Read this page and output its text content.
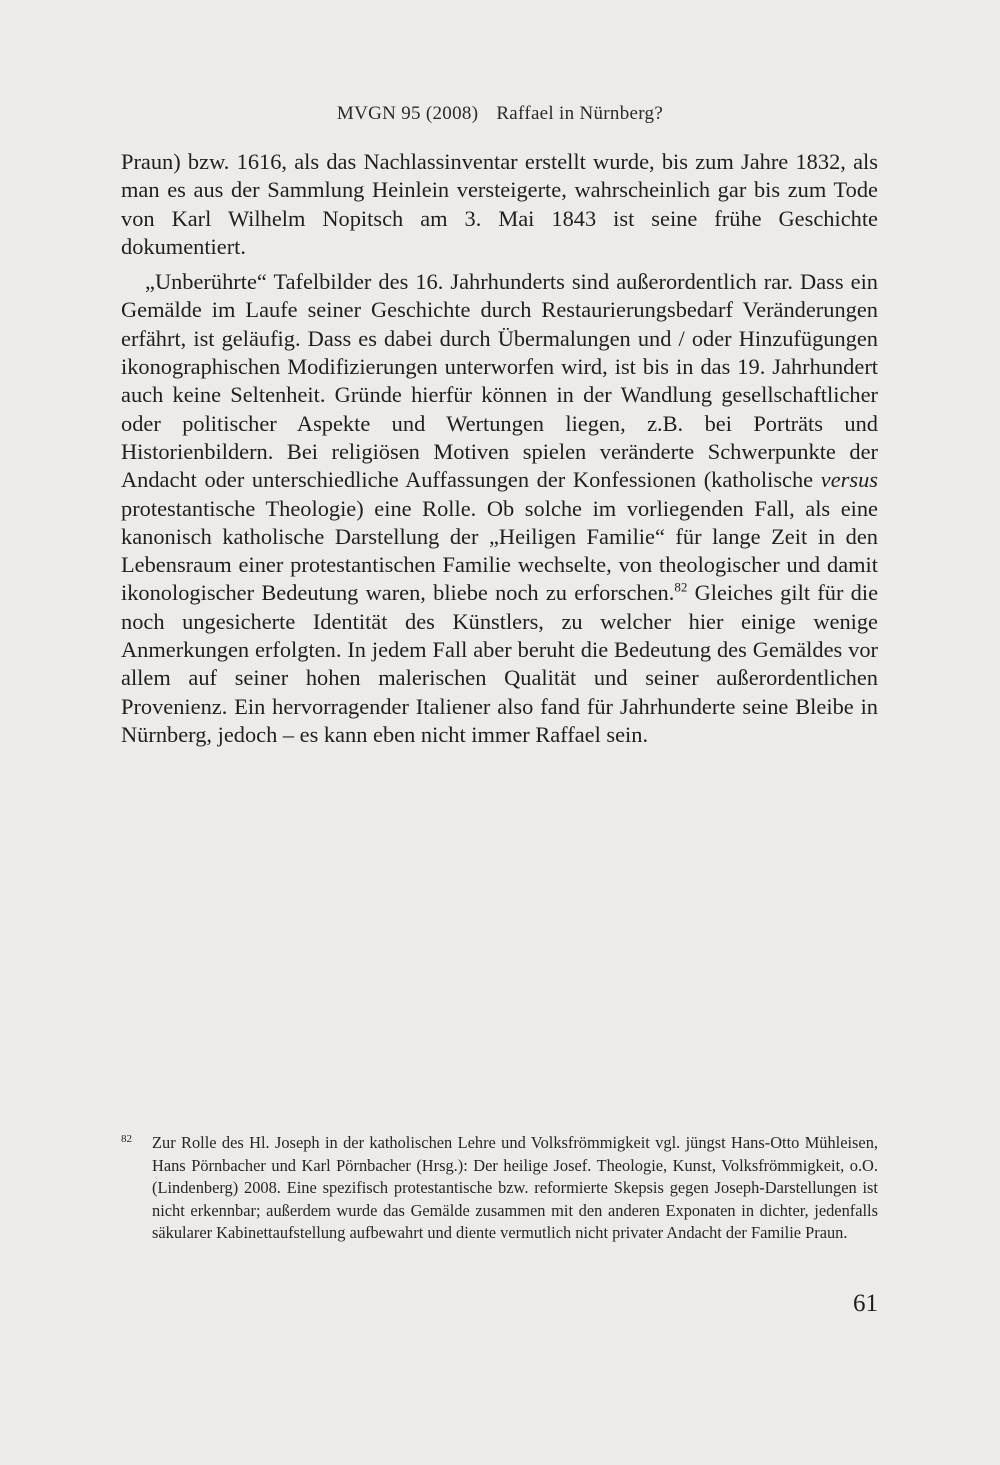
MVGN 95 (2008) Raffael in Nürnberg?

Praun) bzw. 1616, als das Nachlassinventar erstellt wurde, bis zum Jahre 1832, als man es aus der Sammlung Heinlein versteigerte, wahrscheinlich gar bis zum Tode von Karl Wilhelm Nopitsch am 3. Mai 1843 ist seine frühe Geschichte dokumentiert.

„Unberührte“ Tafelbilder des 16. Jahrhunderts sind außerordentlich rar. Dass ein Gemälde im Laufe seiner Geschichte durch Restaurierungsbedarf Veränderungen erfährt, ist geläufig. Dass es dabei durch Übermalungen und / oder Hinzufügungen ikonographischen Modifizierungen unterworfen wird, ist bis in das 19. Jahrhundert auch keine Seltenheit. Gründe hierfür können in der Wandlung gesellschaftlicher oder politischer Aspekte und Wertungen liegen, z.B. bei Porträts und Historienbildern. Bei religiösen Motiven spielen veränderte Schwerpunkte der Andacht oder unterschiedliche Auffassungen der Konfessionen (katholische versus protestantische Theologie) eine Rolle. Ob solche im vorliegenden Fall, als eine kanonisch katholische Darstellung der „Heiligen Familie“ für lange Zeit in den Lebensraum einer protestantischen Familie wechselte, von theologischer und damit ikonologischer Bedeutung waren, bliebe noch zu erforschen.$^{82}$ Gleiches gilt für die noch ungesicherte Identität des Künstlers, zu welcher hier einige wenige Anmerkungen erfolgten. In jedem Fall aber beruht die Bedeutung des Gemäldes vor allem auf seiner hohen malerischen Qualität und seiner außerordentlichen Provenienz. Ein hervorragender Italiener also fand für Jahrhunderte seine Bleibe in Nürnberg, jedoch – es kann eben nicht immer Raffael sein.

82 Zur Rolle des Hl. Joseph in der katholischen Lehre und Volksfrömmigkeit vgl. jüngst Hans-Otto Mühleisen, Hans Pörnbacher und Karl Pörnbacher (Hrsg.): Der heilige Josef. Theologie, Kunst, Volksfrömmigkeit, o.O. (Lindenberg) 2008. Eine spezifisch protestantische bzw. reformierte Skepsis gegen Joseph-Darstellungen ist nicht erkennbar; außerdem wurde das Gemälde zusammen mit den anderen Exponaten in dichter, jedenfalls säkularer Kabinettaufstellung aufbewahrt und diente vermutlich nicht privater Andacht der Familie Praun.
61
